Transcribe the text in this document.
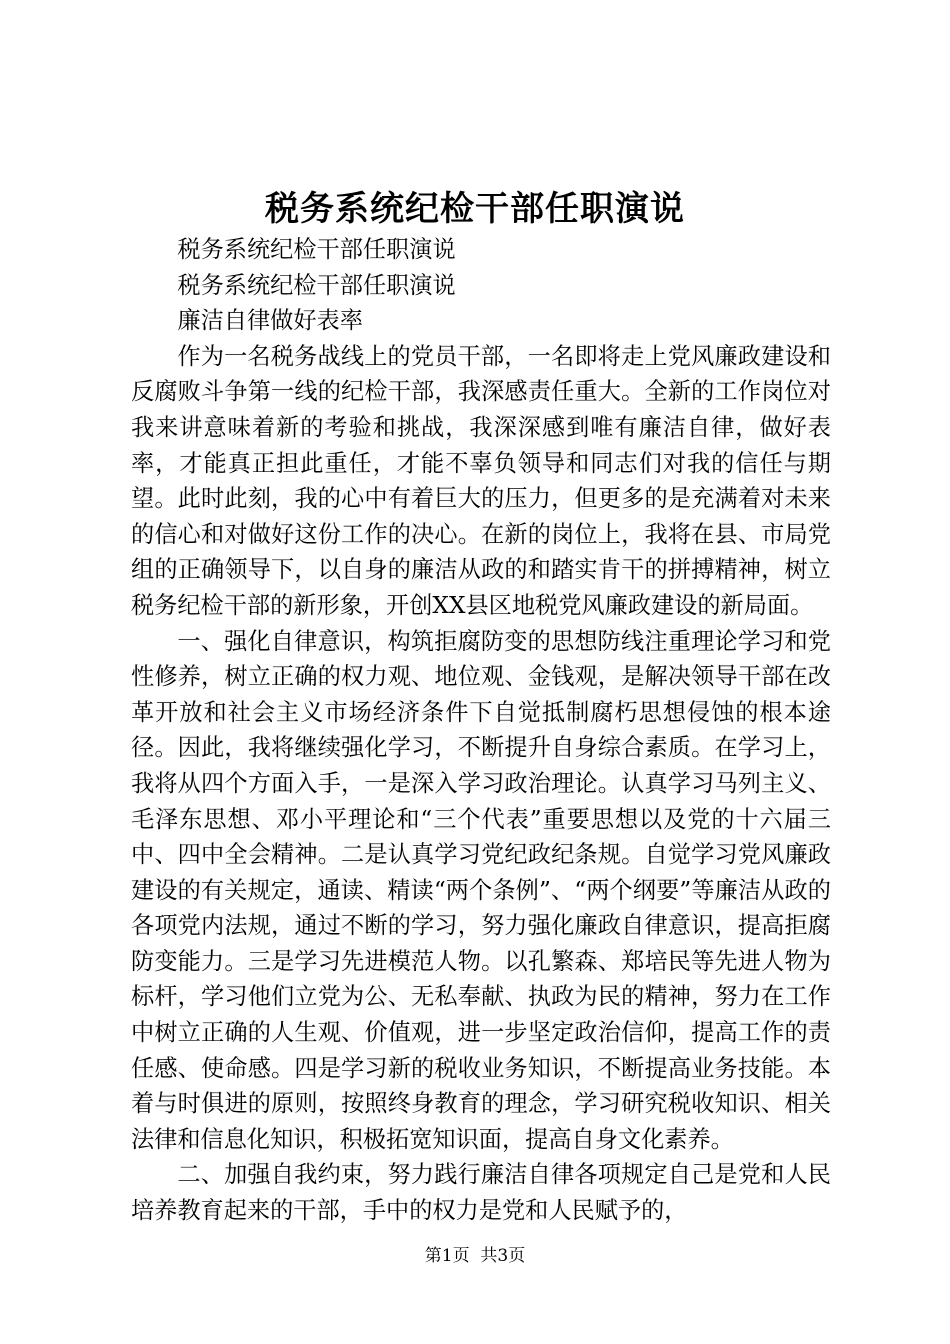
税务系统纪检干部任职演说

税务系统纪检干部任职演说

税务系统纪检干部任职演说

廉洁自律做好表率

作为一名税务战线上的党员干部，一名即将走上党风廉政建设和反腐败斗争第一线的纪检干部，我深感责任重大。全新的工作岗位对我来讲意味着新的考验和挑战，我深深感到唯有廉洁自律，做好表率，才能真正担此重任，才能不辜负领导和同志们对我的信任与期望。此时此刻，我的心中有着巨大的压力，但更多的是充满着对未来的信心和对做好这份工作的决心。在新的岗位上，我将在县、市局党组的正确领导下，以自身的廉洁从政的和踏实肯干的拼搏精神，树立税务纪检干部的新形象，开创XX县区地税党风廉政建设的新局面。

一、强化自律意识，构筑拒腐防变的思想防线注重理论学习和党性修养，树立正确的权力观、地位观、金钱观，是解决领导干部在改革开放和社会主义市场经济条件下自觉抵制腐朽思想侵蚀的根本途径。因此，我将继续强化学习，不断提升自身综合素质。在学习上，我将从四个方面入手，一是深入学习政治理论。认真学习马列主义、毛泽东思想、邓小平理论和“三个代表”重要思想以及党的十六届三中、四中全会精神。二是认真学习党纪政纪条规。自觉学习党风廉政建设的有关规定，通读、精读“两个条例”、“两个纲要”等廉洁从政的各项党内法规，通过不断的学习，努力强化廉政自律意识，提高拒腐防变能力。三是学习先进模范人物。以孔繁森、郑培民等先进人物为标杆，学习他们立党为公、无私奉献、执政为民的精神，努力在工作中树立正确的人生观、价值观，进一步坚定政治信仰，提高工作的责任感、使命感。四是学习新的税收业务知识，不断提高业务技能。本着与时俱进的原则，按照终身教育的理念，学习研究税收知识、相关法律和信息化知识，积极拓宽知识面，提高自身文化素养。

二、加强自我约束，努力践行廉洁自律各项规定自己是党和人民培养教育起来的干部，手中的权力是党和人民赋予的，

第1页 共3页
